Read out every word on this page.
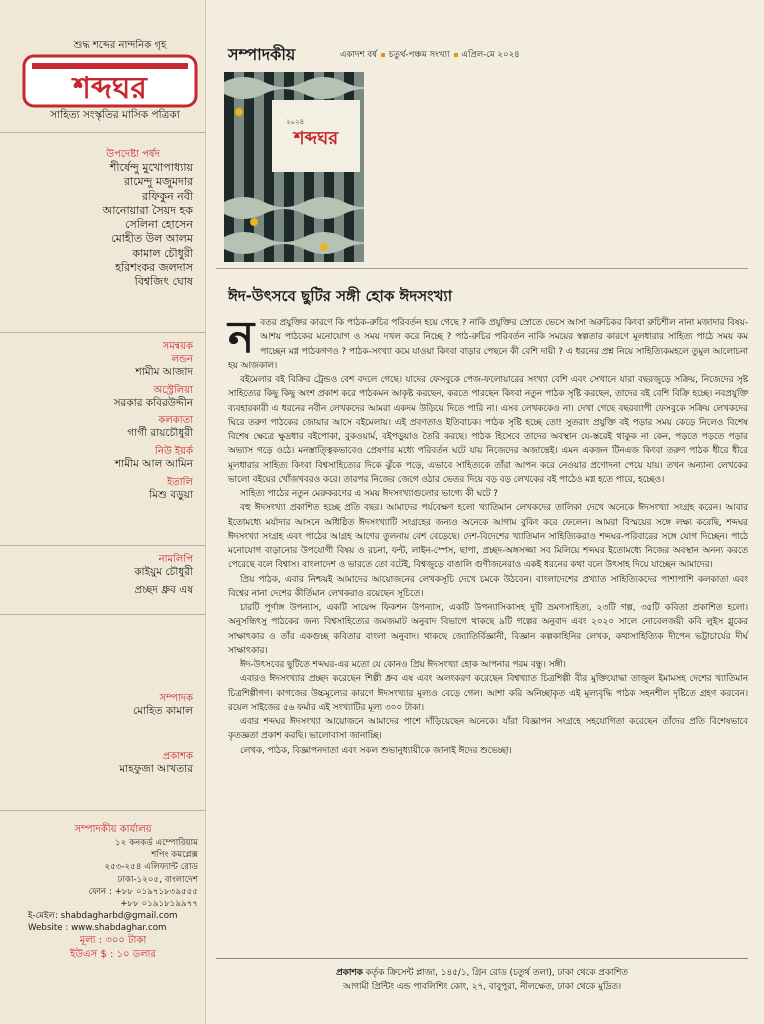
শুদ্ধ শব্দের নান্দনিক গৃহ
শব্দঘর
সাহিত্য সংস্কৃতির মাসিক পত্রিকা
উপদেষ্টা পর্ষদ
শীর্ষেন্দু মুখোপাধ্যায়
রামেন্দু মজুমদার
রফিকুন নবী
আনোয়ারা সৈয়দ হক
সেলিনা হোসেন
মোহীত উল আলম
কামাল চৌধুরী
হরিশংকর জলদাস
বিশ্বজিৎ ঘোষ
সমন্বয়ক
লন্ডন
শামীম আজাদ
অস্ট্রেলিয়া
সরকার কবিরউদ্দীন
কলকাতা
গার্গী রায়চৌধুরী
নিউ ইয়র্ক
শামীম আল আমিন
ইতালি
মিশু বড়ুয়া
নামলিপি
কাইয়ুম চৌধুরী
প্রচ্ছদ ধ্রুব এষ
সম্পাদক
মোহিত কামাল
প্রকাশক
মাহফুজা আখতার
সম্পাদকীয় কার্যালয়
১২ কনকর্ড এম্পোরিয়াম
শপিং কমপ্লেক্স
২৫৩-২৫৪ এলিফ্যান্ট রোড
ঢাকা-১২০৫, বাংলাদেশ
ফোন : +৮৮ ০১৯৭১৮৩৯৫৫৫
+৮৮ ০১৯১৮১৯৯৭৭
ই-মেইল: shabdagharbd@gmail.com
Website : www.shabdaghar.com
মূল্য : ৩০০ টাকা
ইউএস $ : ১০ ডলার
সম্পাদকীয়	একাদশ বর্ষ চতুর্থ-পঞ্চম সংখ্যা এপ্রিল-মে ২০২৪
শব্দঘর
২০২৪
ঈদ-উৎসবে ছুটির সঙ্গী হোক ঈদসংখ্যা

নবতর প্রযুক্তির কারণে কি পাঠক-রুচির পরিবর্তন হয়ে গেছে ? নাকি প্রযুক্তির স্রোতে ভেসে আসা অরুচিকর কিংবা রুচিশীল নানা মজাদার বিষয়-আশয় পাঠকের মনোযোগ ও সময় দখল করে নিচ্ছে ? পাঠ-রুচির পরিবর্তন নাকি সময়ের স্বল্পতার কারণে মূলধারার সাহিত্য পাঠে সময় কম পাচ্ছেন মগ্ন পাঠকগণও ? পাঠক-সংখ্যা কমে যাওয়া কিংবা বাড়ার পেছনে কী বেশি দায়ী ? এ ধরনের প্রশ্ন নিয়ে সাহিত্যিকমহলে তুমুল আলোচনা হয় আজকাল।

বইমেলার বই বিক্রির ট্রেন্ডও বেশ বদলে গেছে। যাদের ফেসবুকে পেজ-ফলোয়ারের সংখ্যা বেশি এবং সেখানে যারা বছরজুড়ে সক্রিয়, নিজেদের সৃষ্ট সাহিত্যের কিছু কিছু অংশ প্রকাশ করে পাঠকমন আকৃষ্ট করছেন, করতে পারছেন কিংবা নতুন পাঠক সৃষ্টি করছেন, তাদের বই বেশি বিক্রি হচ্ছে। নবপ্রযুক্তি ব্যবহারকারী এ ধরনের নবীন লেখকদের আমরা একদম উড়িয়ে দিতে পারি না। এসব লেখককেও না। দেখা গেছে বছরব্যাপী ফেসবুকে সক্রিয় লেখকদের ঘিরে তরুণ পাঠকের জোয়ার আসে বইমেলায়। এই প্রবণতাও ইতিবাচক। পাঠক সৃষ্টি হচ্ছে তো! সুতরাং প্রযুক্তি বই পড়ার সময় কেড়ে নিলেও বিশেষ বিশেষ ক্ষেত্রে ক্ষুদ্রধার বইপোকা, বুকওয়ার্ম, বইপড়ুয়াও তৈরি করছে। পাঠক হিসেবে তাদের অবস্থান যে-স্তরেই থাকুক না কেন, পড়তে পড়তে পড়ার অভ্যাস গড়ে ওঠে। মনস্তাত্ত্বিকভাবেও প্রেষণার মধ্যে পরিবর্তন ঘটে যায় নিজেদের অজান্তেই। এমন একজন টিনএজ কিংবা তরুণ পাঠক ধীরে ধীরে মূলধারার সাহিত্য কিংবা বিশ্বসাহিত্যের দিকে ঝুঁকে পড়ে, এভাবে সাহিত্যকে তাঁরা আপন করে নেওয়ার প্রণোদনা পেয়ে যায়। তখন অন্যান্য লেখকের ভালো বইয়ের খোঁজখবরও করে। তারপর নিজের জেগে ওঠার ভেতর দিয়ে বড় বড় লেখকের বই পাঠেও মগ্ন হতে পারে, হচ্ছেও।

সাহিত্য পাঠের নতুন মেরুকরণের এ সময় ঈদসংখ্যাগুলোর ভাগ্যে কী ঘটে ?

বহু ঈদসংখ্যা প্রকাশিত হচ্ছে প্রতি বছর। আমাদের পর্যবেক্ষণ হলো খ্যাতিমান লেখকদের তালিকা দেখে অনেকে ঈদসংখ্যা সংগ্রহ করেন। আবার ইতোমধ্যে মর্যাদার আসনে অধিষ্ঠিত ঈদসংখ্যাটি সংগ্রহের জন্যও অনেকে আগাম বুকিং করে ফেলেন। আমরা বিস্ময়ের সঙ্গে লক্ষ্য করেছি, শব্দঘর ঈদসংখ্যা সংগ্রহ এবং পাঠের আগ্রহ আগের তুলনায় বেশ বেড়েছে। দেশ-বিদেশের খ্যাতিমান সাহিত্যিকরাও শব্দঘর-পরিবারের সঙ্গে যোগ দিচ্ছেন। পাঠে মনোযোগ বাড়ানোর উপযোগী বিষয় ও রচনা, ফন্ট, লাইন-স্পেস, ছাপা, প্রচ্ছদ-অঙ্গসজ্জা সব মিলিয়ে শব্দঘর ইতোমধ্যে নিজের অবস্থান অনন্য করতে পেরেছে বলে বিশ্বাস। বাংলাদেশ ও ভারতে তো বটেই, বিশ্বজুড়ে বাঙালি গুণীজনেরাও একই ধরনের কথা বলে উৎসাহ দিয়ে যাচ্ছেন আমাদের।

প্রিয় পাঠক, এবার নিশ্চয়ই আমাদের আয়োজনের লেখকসূচি দেখে চমকে উঠবেন। বাংলাদেশের প্রখ্যাত সাহিত্যিকদের পাশাপাশি কলকাতা এবং বিশ্বের নানা দেশের কীর্তিমান লেখকরাও রয়েছেন সূচিতে।

চারটি পূর্ণাঙ্গ উপন্যাস, একটি সায়েন্স ফিকশন উপন্যাস, একটি উপন্যাসিকাসহ দুটি ভ্রমণসাহিত্য, ২৩টি গল্প, ৩৫টি কবিতা প্রকাশিত হলো। অনুসন্ধিৎসু পাঠকের জন্য বিশ্বসাহিত্যের জমজমাট অনুবাদ বিভাগে থাকছে ৯টি গল্পের অনুবাদ এবং ২০২০ সালে নোবেলজয়ী কবি লুইস গ্লুকের সাক্ষাৎকার ও তাঁর একগুচ্ছ কবিতার বাংলা অনুবাদ। থাকছে জ্যোতির্বিজ্ঞানী, বিজ্ঞান কল্পকাহিনির লেখক, কথাসাহিত্যিক দীপেন ভট্টাচার্যের দীর্ঘ সাক্ষাৎকার।

ঈদ-উৎসবের ছুটিতে শব্দঘর-এর মতো যে কোনও প্রিয় ঈদসংখ্যা হোক আপনার পরম বন্ধু। সঙ্গী।

এবারও ঈদসংখ্যার প্রচ্ছদ করেছেন শিল্পী ধ্রুব এষ এবং অলংকরণ করেছেন বিশ্বখ্যাত চিত্রশিল্পী বীর মুক্তিযোদ্ধা তাজুল ইমামসহ দেশের খ্যাতিমান চিত্রশিল্পীগণ। কাগজের উচ্চমূল্যের কারণে ঈদসংখ্যার মূল্যও বেড়ে গেল। আশা করি অনিচ্ছাকৃত এই মূল্যবৃদ্ধি পাঠক সহনশীল দৃষ্টিতে গ্রহণ করবেন। রয়েল সাইজের ৫৬ ফর্মার এই সংখ্যাটির মূল্য ৩০০ টাকা।

এবার শব্দঘর ঈদসংখ্যা আয়োজনে আমাদের পাশে দাঁড়িয়েছেন অনেকে। যাঁরা বিজ্ঞাপন সংগ্রহে সহযোগিতা করেছেন তাঁদের প্রতি বিশেষভাবে কৃতজ্ঞতা প্রকাশ করছি। ভালোবাসা জানাচ্ছি।

লেখক, পাঠক, বিজ্ঞাপনদাতা এবং সকল শুভানুধ্যায়ীকে জানাই ঈদের শুভেচ্ছা।

প্রকাশক কর্তৃক ক্রিসেন্ট প্লাজা, ১৪৫/১, গ্রিন রোড (চতুর্থ তলা), ঢাকা থেকে প্রকাশিত
আগামী প্রিন্টিং এন্ড পাবলিশিং কোং, ২৭, বাবুপুরা, নীলক্ষেত, ঢাকা থেকে মুদ্রিত।
